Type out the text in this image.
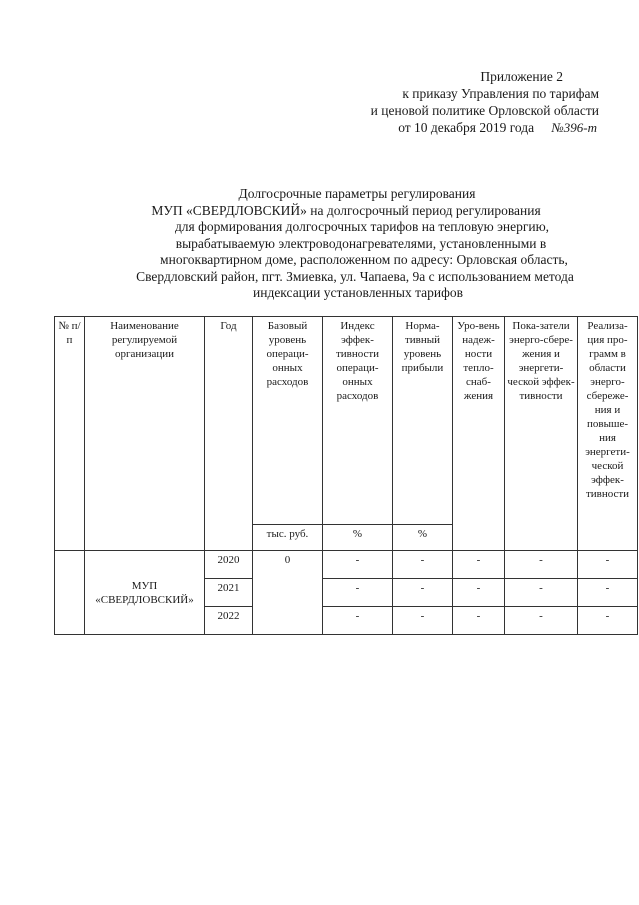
Приложение 2
к приказу Управления по тарифам
и ценовой политике Орловской области
от 10 декабря 2019 года №396-т
Долгосрочные параметры регулирования
МУП «СВЕРДЛОВСКИЙ» на долгосрочный период регулирования
для формирования долгосрочных тарифов на тепловую энергию,
вырабатываемую электроводонагревателями, установленными в
многоквартирном доме, расположенном по адресу: Орловская область,
Свердловский район, пгт. Змиевка, ул. Чапаева, 9а с использованием метода
индексации установленных тарифов
№ п/п	Наименование регулируемой организации	Год	Базовый уровень операци-онных расходов	Индекс эффек-тивности операци-онных расходов	Норма-тивный уровень прибыли	Уро-вень надеж-ности тепло-снаб-жения	Пока-затели энерго-сбере-жения и энергети-ческой эффек-тивности	Реализа-ция про-грамм в области энерго-сбереже-ния и повыше-ния энергети-ческой эффек-тивности
			тыс. руб.	%	%			
	МУП «СВЕРДЛОВСКИЙ»	2020	0	-	-	-	-	-
		2021		-	-	-	-	-
		2022		-	-	-	-	-
